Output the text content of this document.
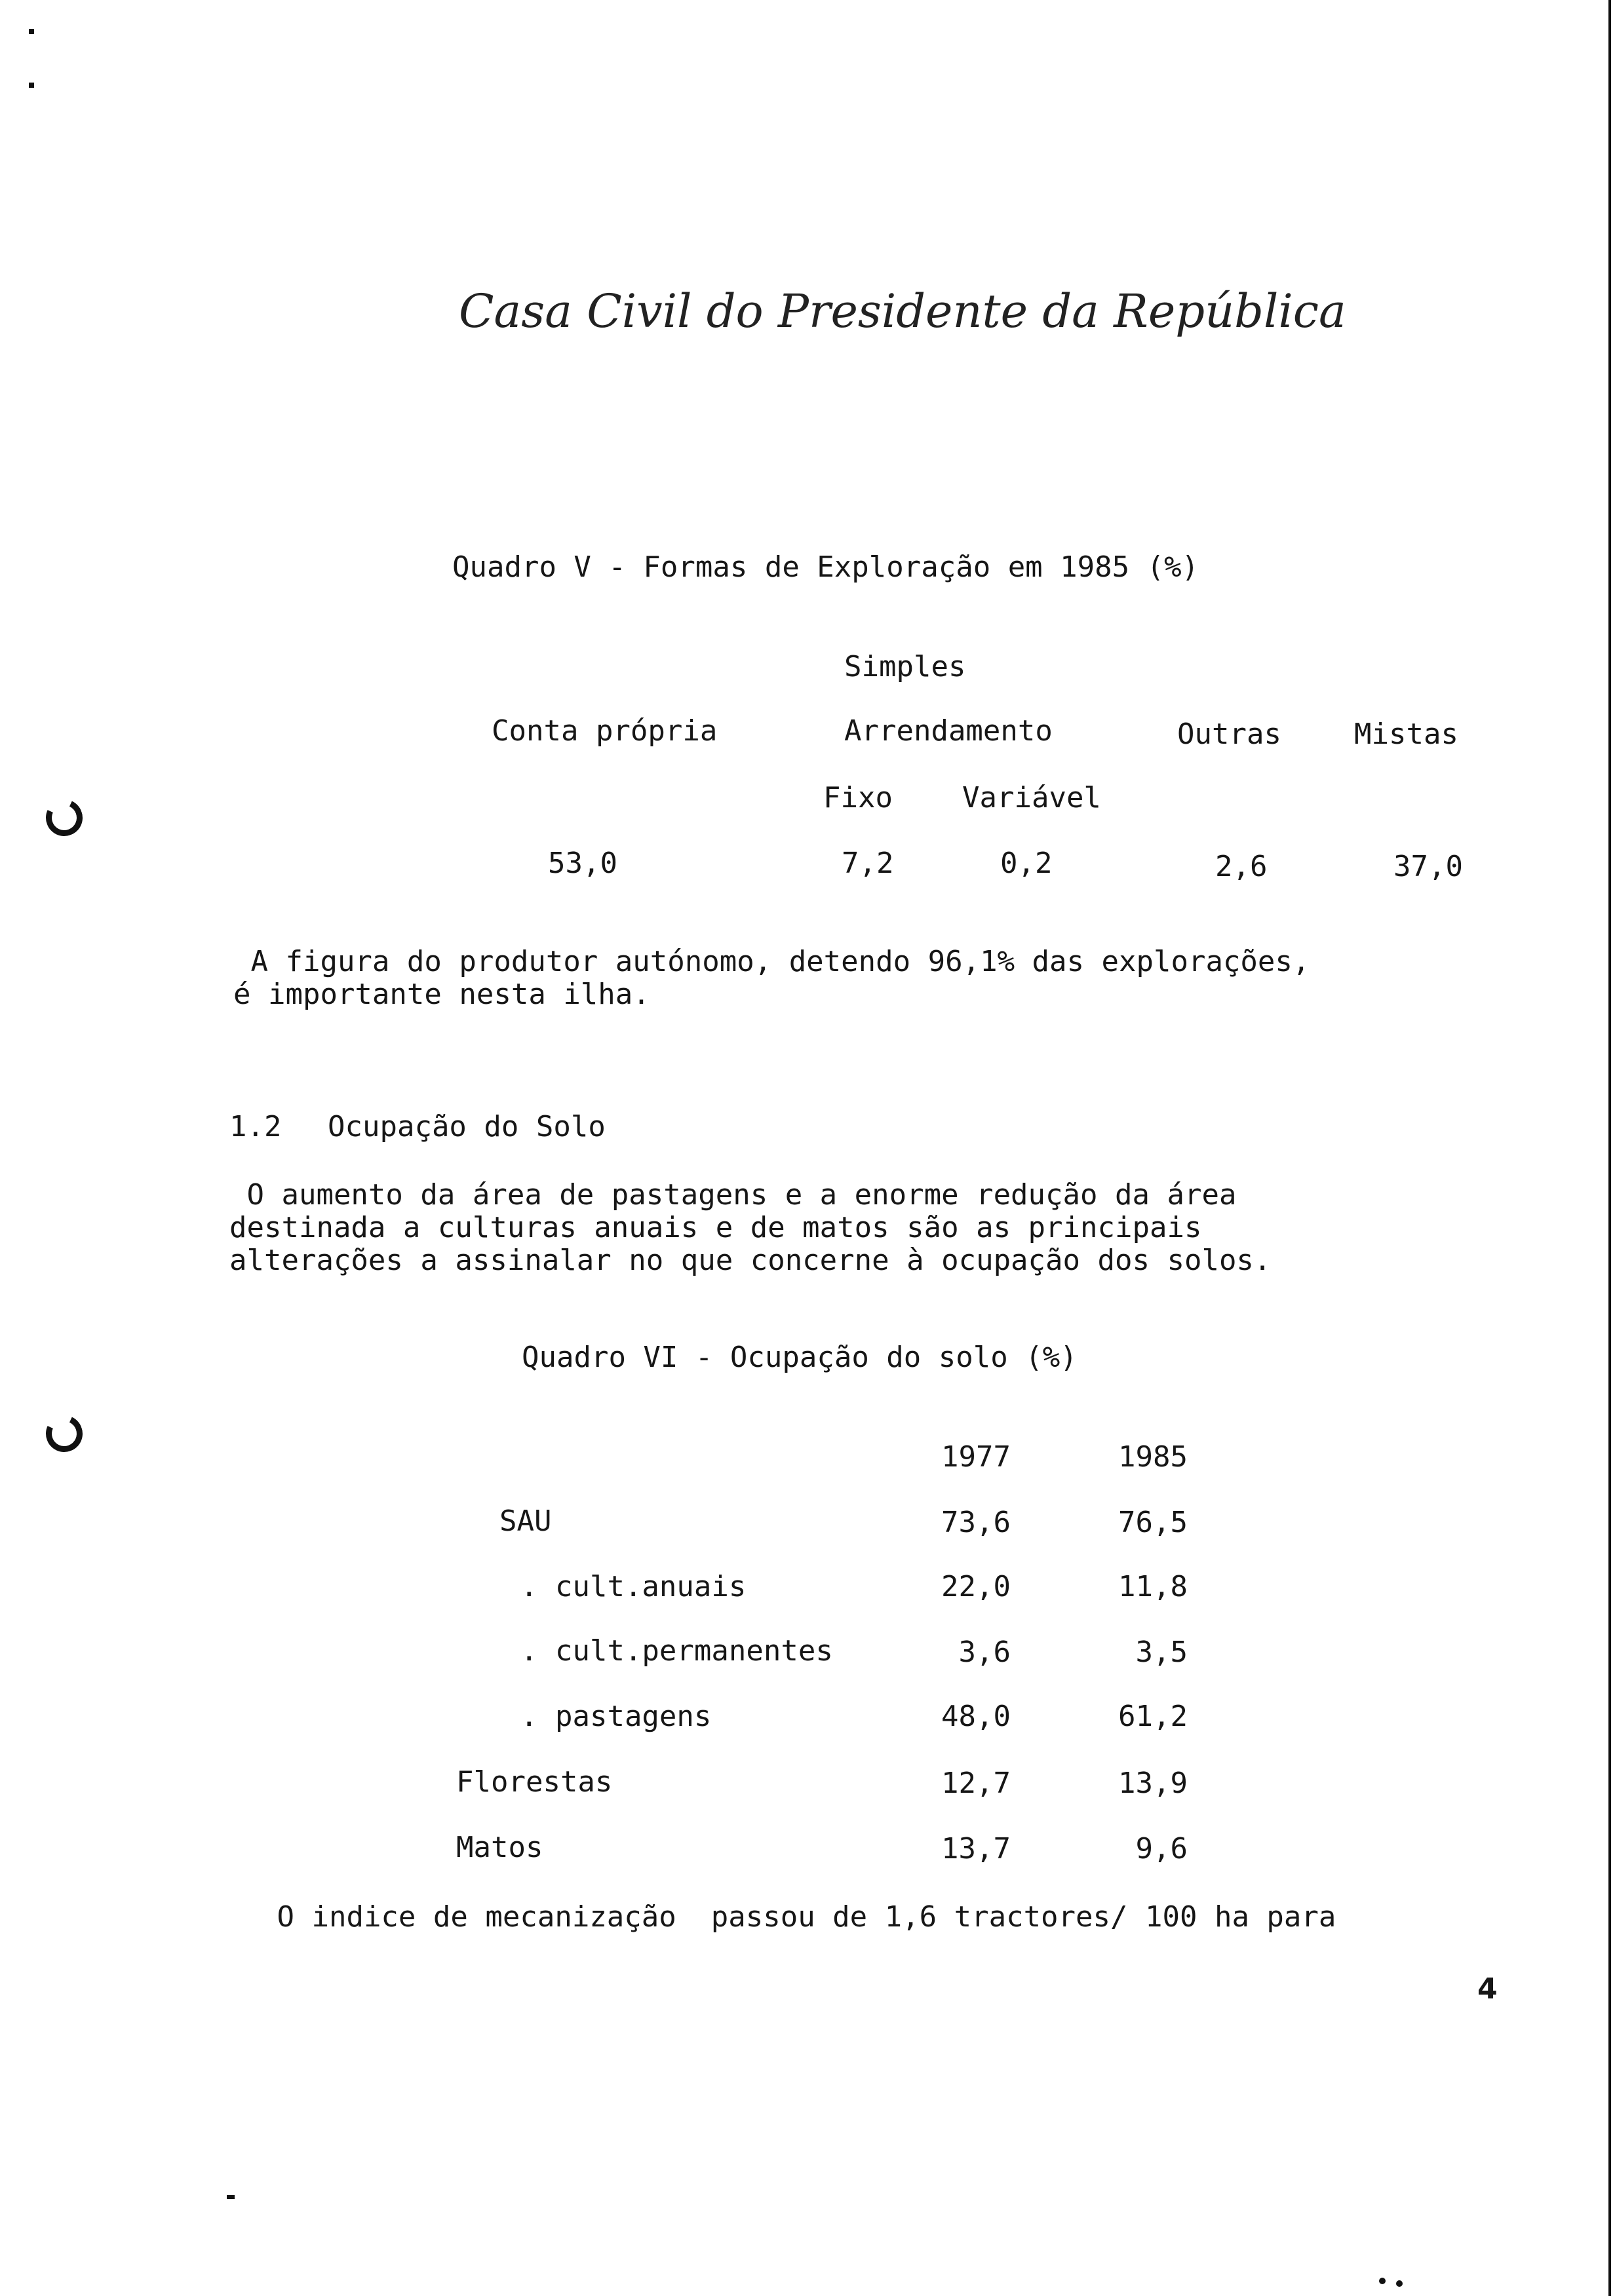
Casa Civil do Presidente da República
Quadro V - Formas de Exploração em 1985 (%)
Simples
Conta própria	Arrendamento	Outras	Mistas
Fixo Variável
53,0	7,2	0,2	2,6	37,0
A figura do produtor autónomo, detendo 96,1% das explorações,
é importante nesta ilha.
1.2 Ocupação do Solo
O aumento da área de pastagens e a enorme redução da área
destinada a culturas anuais e de matos são as principais
alterações a assinalar no que concerne à ocupação dos solos.
Quadro VI - Ocupação do solo (%)
1977	1985
SAU	73,6	76,5
. cult.anuais	22,0	11,8
. cult.permanentes	3,6	3,5
. pastagens	48,0	61,2
Florestas	12,7	13,9
Matos	13,7	9,6
O indice de mecanização  passou de 1,6 tractores/ 100 ha para
4
